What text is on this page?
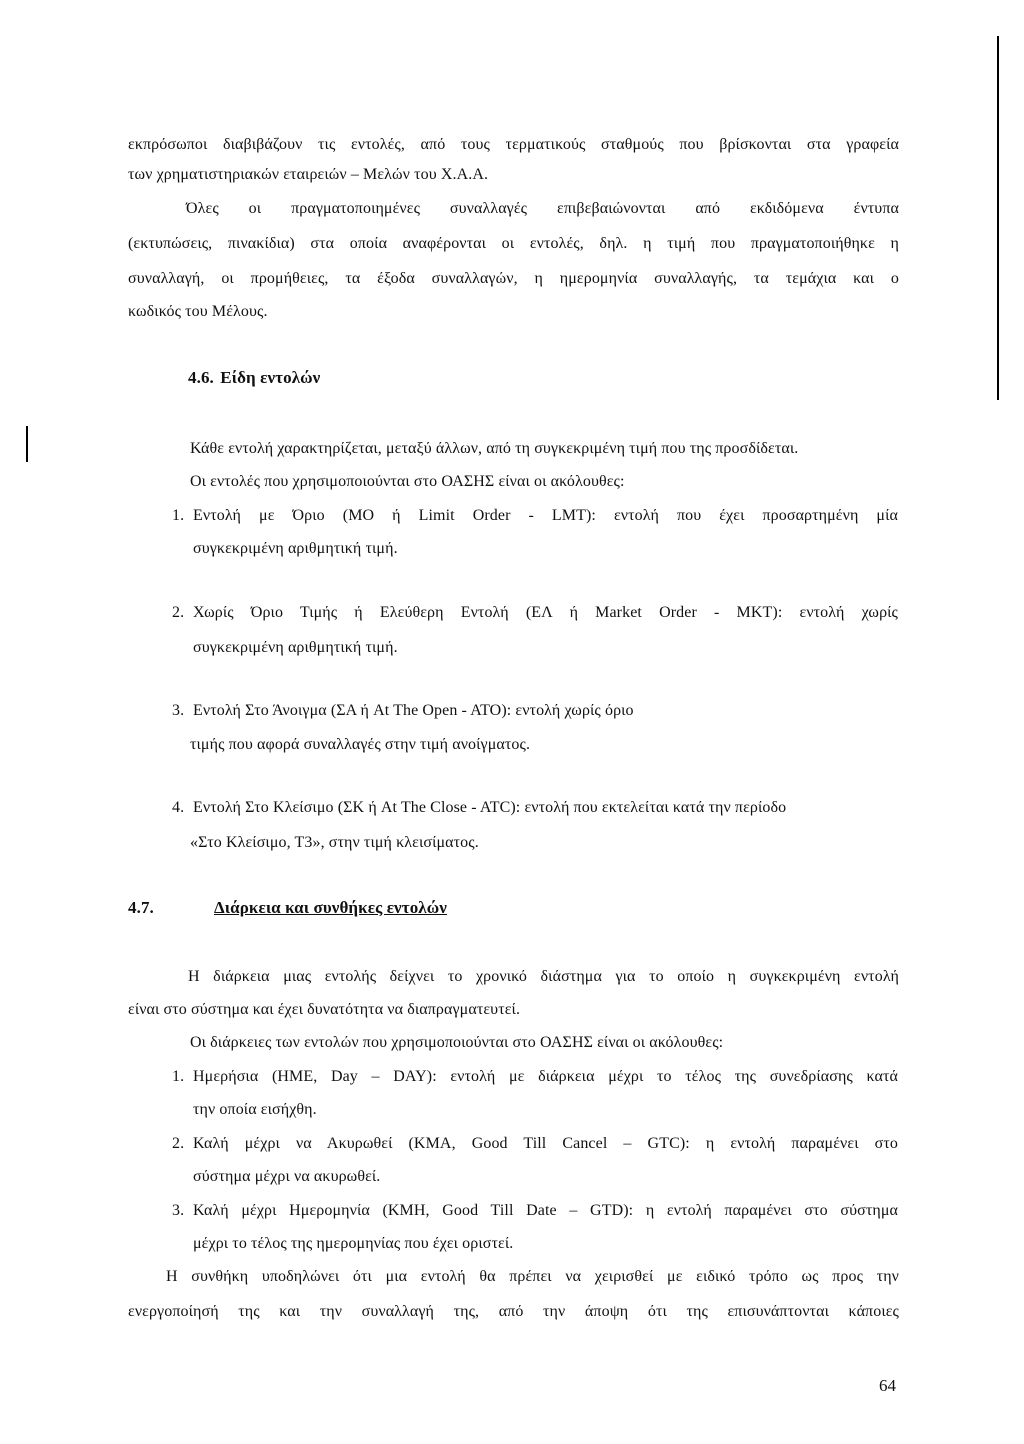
εκπρόσωποι διαβιβάζουν τις εντολές, από τους τερματικούς σταθμούς που βρίσκονται στα γραφεία
των χρηματιστηριακών εταιρειών – Μελών του Χ.Α.Α.
Όλες οι πραγματοποιημένες συναλλαγές επιβεβαιώνονται από εκδιδόμενα έντυπα
(εκτυπώσεις, πινακίδια) στα οποία αναφέρονται οι εντολές, δηλ. η τιμή που πραγματοποιήθηκε η
συναλλαγή, οι προμήθειες, τα έξοδα συναλλαγών, η ημερομηνία συναλλαγής, τα τεμάχια και ο
κωδικός του Μέλους.
4.6. Είδη εντολών
Κάθε εντολή χαρακτηρίζεται, μεταξύ άλλων, από τη συγκεκριμένη τιμή που της προσδίδεται.
Οι εντολές που χρησιμοποιούνται στο ΟΑΣΗΣ είναι οι ακόλουθες:
1. Εντολή με Όριο (ΜΟ ή Limit Order - LMT): εντολή που έχει προσαρτημένη μία
συγκεκριμένη αριθμητική τιμή.
2. Χωρίς Όριο Τιμής ή Ελεύθερη Εντολή (ΕΛ ή Market Order - MKT): εντολή χωρίς
συγκεκριμένη αριθμητική τιμή.
3. Εντολή Στο Άνοιγμα (ΣΑ ή At The Open - ATO): εντολή χωρίς όριο
τιμής που αφορά συναλλαγές στην τιμή ανοίγματος.
4. Εντολή Στο Κλείσιμο (ΣΚ ή At The Close - ATC): εντολή που εκτελείται κατά την περίοδο
«Στο Κλείσιμο, Τ3», στην τιμή κλεισίματος.
4.7.	Διάρκεια και συνθήκες εντολών
Η διάρκεια μιας εντολής δείχνει το χρονικό διάστημα για το οποίο η συγκεκριμένη εντολή
είναι στο σύστημα και έχει δυνατότητα να διαπραγματευτεί.
Οι διάρκειες των εντολών που χρησιμοποιούνται στο ΟΑΣΗΣ είναι οι ακόλουθες:
1. Ημερήσια (ΗΜΕ, Day – DAY): εντολή με διάρκεια μέχρι το τέλος της συνεδρίασης κατά
την οποία εισήχθη.
2. Καλή μέχρι να Ακυρωθεί (ΚΜΑ, Good Till Cancel – GTC): η εντολή παραμένει στο
σύστημα μέχρι να ακυρωθεί.
3. Καλή μέχρι Ημερομηνία (ΚΜΗ, Good Till Date – GTD): η εντολή παραμένει στο σύστημα
μέχρι το τέλος της ημερομηνίας που έχει οριστεί.
Η συνθήκη υποδηλώνει ότι μια εντολή θα πρέπει να χειρισθεί με ειδικό τρόπο ως προς την
ενεργοποίησή της και την συναλλαγή της, από την άποψη ότι της επισυνάπτονται κάποιες
64
